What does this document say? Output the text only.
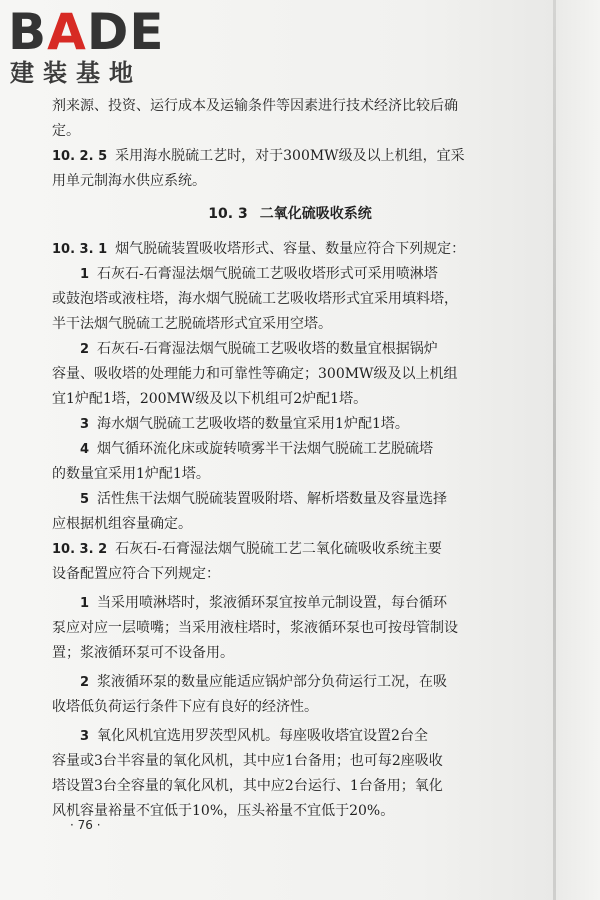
BADE
建装基地
剂来源、投资、运行成本及运输条件等因素进行技术经济比较后确
定。
10. 2. 5 采用海水脱硫工艺时，对于300MW级及以上机组，宜采
用单元制海水供应系统。
10. 3 二氧化硫吸收系统
10. 3. 1 烟气脱硫装置吸收塔形式、容量、数量应符合下列规定：
1 石灰石-石膏湿法烟气脱硫工艺吸收塔形式可采用喷淋塔
或鼓泡塔或液柱塔，海水烟气脱硫工艺吸收塔形式宜采用填料塔，
半干法烟气脱硫工艺脱硫塔形式宜采用空塔。
2 石灰石-石膏湿法烟气脱硫工艺吸收塔的数量宜根据锅炉
容量、吸收塔的处理能力和可靠性等确定；300MW级及以上机组
宜1炉配1塔，200MW级及以下机组可2炉配1塔。
3 海水烟气脱硫工艺吸收塔的数量宜采用1炉配1塔。
4 烟气循环流化床或旋转喷雾半干法烟气脱硫工艺脱硫塔
的数量宜采用1炉配1塔。
5 活性焦干法烟气脱硫装置吸附塔、解析塔数量及容量选择
应根据机组容量确定。
10. 3. 2 石灰石-石膏湿法烟气脱硫工艺二氧化硫吸收系统主要
设备配置应符合下列规定：
1 当采用喷淋塔时，浆液循环泵宜按单元制设置，每台循环
泵应对应一层喷嘴；当采用液柱塔时，浆液循环泵也可按母管制设
置；浆液循环泵可不设备用。
2 浆液循环泵的数量应能适应锅炉部分负荷运行工况，在吸
收塔低负荷运行条件下应有良好的经济性。
3 氧化风机宜选用罗茨型风机。每座吸收塔宜设置2台全
容量或3台半容量的氧化风机，其中应1台备用；也可每2座吸收
塔设置3台全容量的氧化风机，其中应2台运行、1台备用；氧化
风机容量裕量不宜低于10%，压头裕量不宜低于20%。
· 76 ·
